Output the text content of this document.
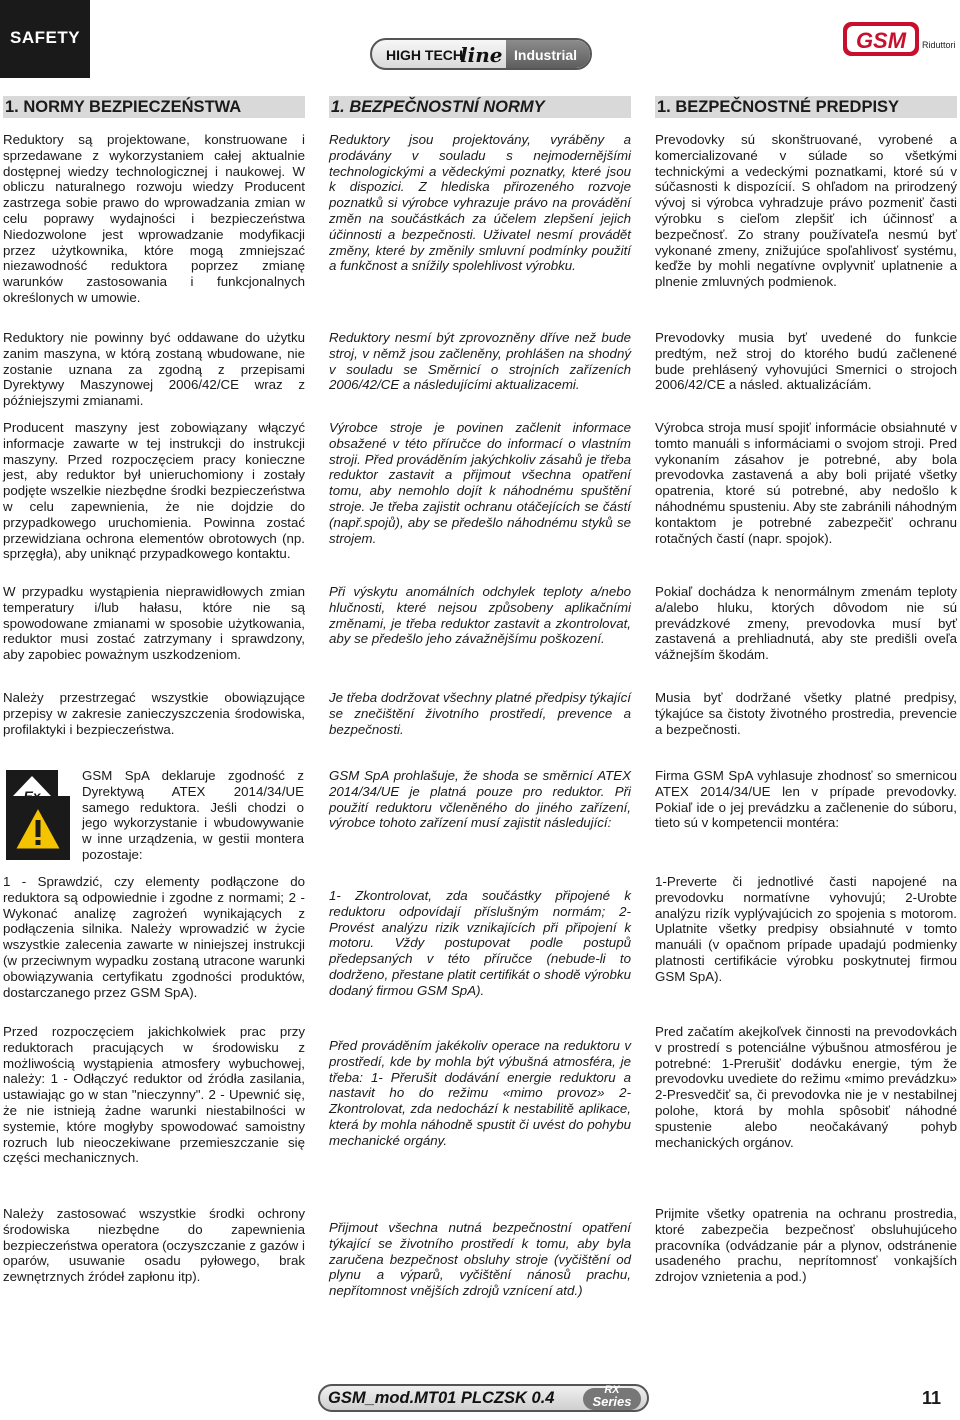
SAFETY
HIGH TECH
line Industrial
GSM Riduttori
1. NORMY BEZPIECZEŃSTWA
Reduktory są projektowane, konstruowane i sprzedawane z wykorzystaniem całej aktualnie dostępnej wiedzy technologicznej i naukowej. W obliczu naturalnego rozwoju wiedzy Producent zastrzega sobie prawo do wprowadzania zmian w celu poprawy wydajności i bezpieczeństwa Niedozwolone jest wprowadzanie modyfikacji przez użytkownika, które mogą zmniejszać niezawodność reduktora poprzez zmianę warunków zastosowania i funkcjonalnych określonych w umowie.
Reduktory nie powinny być oddawane do użytku zanim maszyna, w którą zostaną wbudowane, nie zostanie uznana za zgodną z przepisami Dyrektywy Maszynowej 2006/42/CE wraz z późniejszymi zmianami.
Producent maszyny jest zobowiązany włączyć informacje zawarte w tej instrukcji do instrukcji maszyny. Przed rozpoczęciem pracy konieczne jest, aby reduktor był unieruchomiony i zostały podjęte wszelkie niezbędne środki bezpieczeństwa w celu zapewnienia, że nie dojdzie do przypadkowego uruchomienia. Powinna zostać przewidziana ochrona elementów obrotowych (np. sprzęgła), aby uniknąć przypadkowego kontaktu.
W przypadku wystąpienia nieprawidłowych zmian temperatury i/lub hałasu, które nie są spowodowane zmianami w sposobie użytkowania, reduktor musi zostać zatrzymany i sprawdzony, aby zapobiec poważnym uszkodzeniom.
Należy przestrzegać wszystkie obowiązujące przepisy w zakresie zanieczyszczenia środowiska, profilaktyki i bezpieczeństwa.
GSM SpA deklaruje zgodność z Dyrektywą ATEX 2014/34/UE samego reduktora. Jeśli chodzi o jego wykorzystanie i wbudowywanie w inne urządzenia, w gestii montera pozostaje:
1 - Sprawdzić, czy elementy podłączone do reduktora są odpowiednie i zgodne z normami; 2 - Wykonać analizę zagrożeń wynikających z podłączenia silnika. Należy wprowadzić w życie wszystkie zalecenia zawarte w niniejszej instrukcji (w przeciwnym wypadku zostaną utracone warunki obowiązywania certyfikatu zgodności produktów, dostarczanego przez GSM SpA).
Przed rozpoczęciem jakichkolwiek prac przy reduktorach pracujących w środowisku z możliwością wystąpienia atmosfery wybuchowej, należy: 1 - Odłączyć reduktor od źródła zasilania, ustawiając go w stan "nieczynny". 2 - Upewnić się, że nie istnieją żadne warunki niestabilności w systemie, które mogłyby spowodować samoistny rozruch lub nieoczekiwane przemieszczanie się części mechanicznych.
Należy zastosować wszystkie środki ochrony środowiska niezbędne do zapewnienia bezpieczeństwa operatora (oczyszczanie z gazów i oparów, usuwanie osadu pyłowego, brak zewnętrznych źródeł zapłonu itp).
1. BEZPEČNOSTNÍ NORMY
Reduktory jsou projektovány, vyráběny a prodávány v souladu s nejmodernějšími technologickými a vědeckými poznatky, které jsou k dispozici. Z hlediska přirozeného rozvoje poznatků si výrobce vyhrazuje právo na provádění změn na součástkách za účelem zlepšení jejich účinnosti a bezpečnosti. Uživatel nesmí provádět změny, které by změnily smluvní podmínky použití a funkčnost a snížily spolehlivost výrobku.
Reduktory nesmí být zprovozněny dříve než bude stroj, v němž jsou začleněny, prohlášen na shodný v souladu se Směrnicí o strojních zařízeních 2006/42/CE a následujícími aktualizacemi.
Výrobce stroje je povinen začlenit informace obsažené v této příručce do informací o vlastním stroji. Před prováděním jakýchkoliv zásahů je třeba reduktor zastavit a přijmout všechna opatření tomu, aby nemohlo dojít k náhodnému spuštění stroje. Je třeba zajistit ochranu otáčejících se částí (např.spojů), aby se předešlo náhodnému styků se strojem.
Při výskytu anomálních odchylek teploty a/nebo hlučnosti, které nejsou způsobeny aplikačními změnami, je třeba reduktor zastavit a zkontrolovat, aby se předešlo jeho závažnějšímu poškození.
Je třeba dodržovat všechny platné předpisy týkající se znečištění životního prostředí, prevence a bezpečnosti.
GSM SpA prohlašuje, že shoda se směrnicí ATEX 2014/34/UE je platná pouze pro reduktor. Při použití reduktoru včleněného do jiného zařízení, výrobce tohoto zařízení musí zajistit následující:
1- Zkontrolovat, zda součástky připojené k reduktoru odpovídají příslušným normám; 2- Provést analýzu rizik vznikajících při připojení k motoru. Vždy postupovat podle postupů předepsaných v této příručce (nebude-li to dodrženo, přestane platit certifikát o shodě výrobku dodaný firmou GSM SpA).
Před prováděním jakékoliv operace na reduktoru v prostředí, kde by mohla být výbušná atmosféra, je třeba: 1- Přerušit dodávání energie reduktoru a nastavit ho do režimu «mimo provoz» 2- Zkontrolovat, zda nedochází k nestabilitě aplikace, která by mohla náhodně spustit či uvést do pohybu mechanické orgány.
Přijmout všechna nutná bezpečnostní opatření týkající se životního prostředí k tomu, aby byla zaručena bezpečnost obsluhy stroje (vyčištění od plynu a výparů, vyčištění nánosů prachu, nepřítomnost vnějších zdrojů vznícení atd.)
1. BEZPEČNOSTNÉ PREDPISY
Prevodovky sú skonštruované, vyrobené a komercializované v súlade so všetkými technickými a vedeckými poznatkami, ktoré sú v súčasnosti k dispozícií. S ohľadom na prirodzený vývoj si výrobca vyhradzuje právo pozmeniť časti výrobku s cieľom zlepšiť ich účinnosť a bezpečnosť. Zo strany používateľa nesmú byť vykonané zmeny, znižujúce spoľahlivosť systému, keďže by mohli negatívne ovplyvniť uplatnenie a plnenie zmluvných podmienok.
Prevodovky musia byť uvedené do funkcie predtým, než stroj do ktorého budú začlenené bude prehlásený vyhovujúci Smernici o strojoch 2006/42/CE a násled. aktualizácíám.
Výrobca stroja musí spojiť informácie obsiahnuté v tomto manuáli s informáciami o svojom stroji. Pred vykonaním zásahov je potrebné, aby bola prevodovka zastavená a aby boli prijaté všetky opatrenia, ktoré sú potrebné, aby nedošlo k náhodnému spusteniu. Aby ste zabránili náhodným kontaktom je potrebné zabezpečiť ochranu rotačných častí (napr. spojok).
Pokiaľ dochádza k nenormálnym zmenám teploty a/alebo hluku, ktorých dôvodom nie sú prevádzkové zmeny, prevodovka musí byť zastavená a prehliadnutá, aby ste predišli oveľa vážnejším škodám.
Musia byť dodržané všetky platné predpisy, týkajúce sa čistoty životného prostredia, prevencie a bezpečnosti.
Firma GSM SpA vyhlasuje zhodnosť so smernicou ATEX 2014/34/UE len v prípade prevodovky. Pokiaľ ide o jej prevádzku a začlenenie do súboru, tieto sú v kompetencii montéra:
1-Preverte či jednotlivé časti napojené na prevodovku normatívne vyhovujú; 2-Urobte analýzu rizík vyplývajúcich zo spojenia s motorom. Uplatnite všetky predpisy obsiahnuté v tomto manuáli (v opačnom prípade upadajú podmienky platnosti certifikácie výrobku poskytnutej firmou GSM SpA).
Pred začatím akejkoľvek činnosti na prevodovkách v prostredí s potenciálne výbušnou atmosférou je potrebné: 1-Prerušiť dodávku energie, tým že prevodovku uvediete do režimu «mimo prevádzku» 2-Presvedčiť sa, či prevodovka nie je v nestabilnej polohe, ktorá by mohla spôsobiť náhodné spustenie alebo neočakávaný pohyb mechanických orgánov.
Prijmite všetky opatrenia na ochranu prostredia, ktoré zabezpečia bezpečnosť obsluhujúceho pracovníka (odvádzanie pár a plynov, odstránenie usadeného prachu, neprítomnosť vonkajších zdrojov vznietenia a pod.)
GSM_mod.MT01 PLCZSK 0.4	RX
Series	11
